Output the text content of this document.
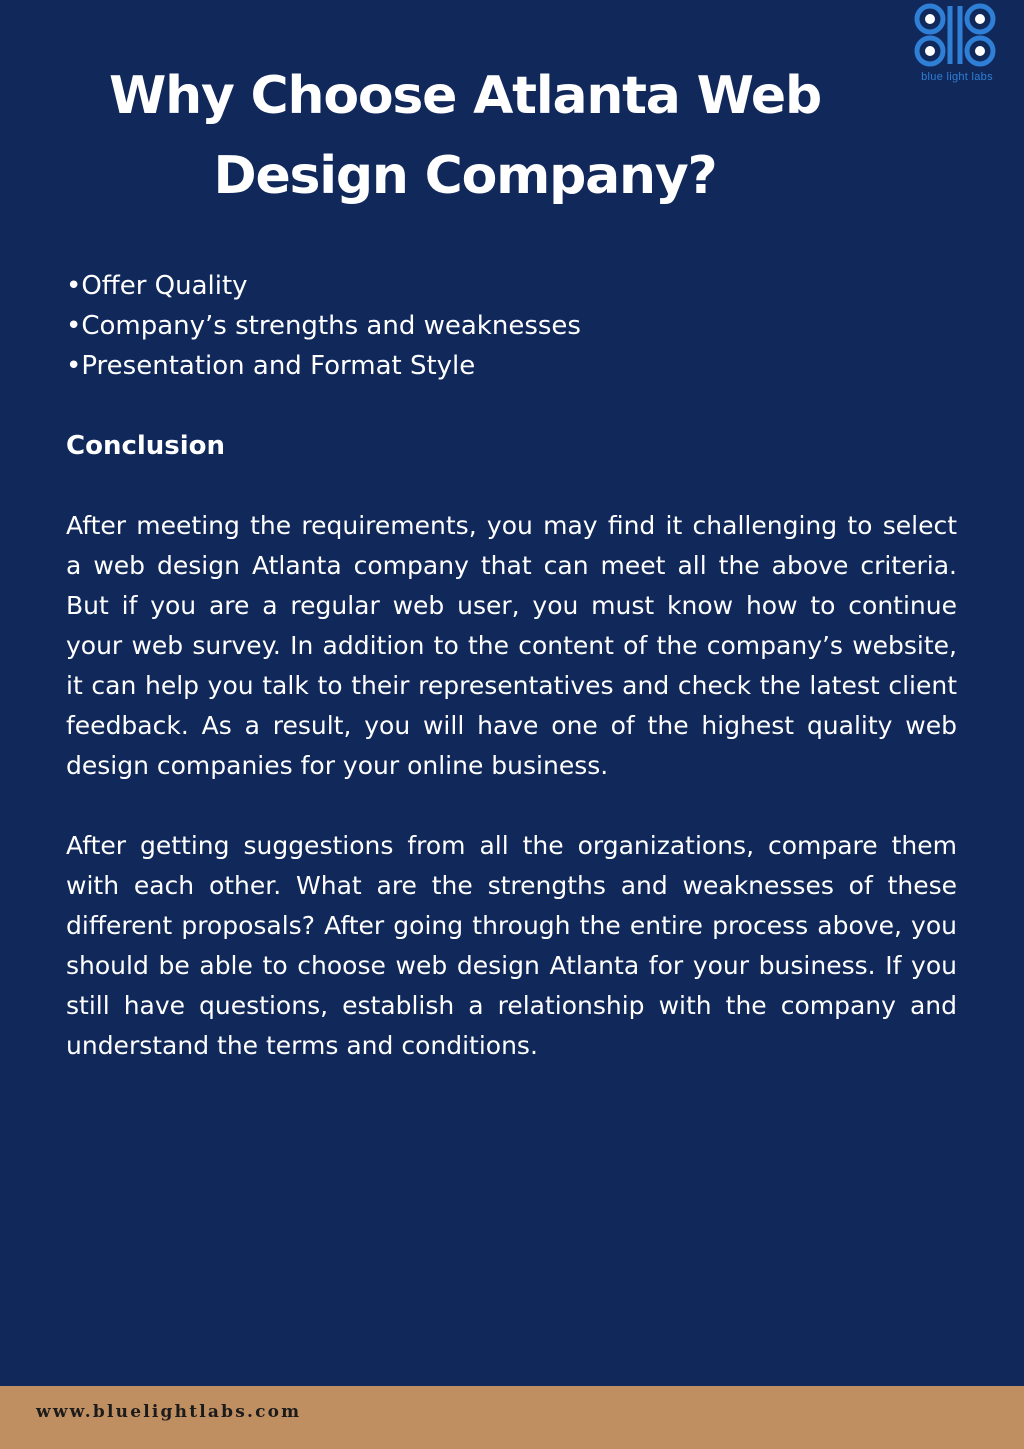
blue light labs
Why Choose Atlanta Web Design Company?
•Offer Quality
•Company’s strengths and weaknesses
•Presentation and Format Style
Conclusion

After meeting the requirements, you may find it challenging to select a web design Atlanta company that can meet all the above criteria. But if you are a regular web user, you must know how to continue your web survey. In addition to the content of the company’s website, it can help you talk to their representatives and check the latest client feedback. As a result, you will have one of the highest quality web design companies for your online business.

After getting suggestions from all the organizations, compare them with each other. What are the strengths and weaknesses of these different proposals? After going through the entire process above, you should be able to choose web design Atlanta for your business. If you still have questions, establish a relationship with the company and understand the terms and conditions.

www.bluelightlabs.com
